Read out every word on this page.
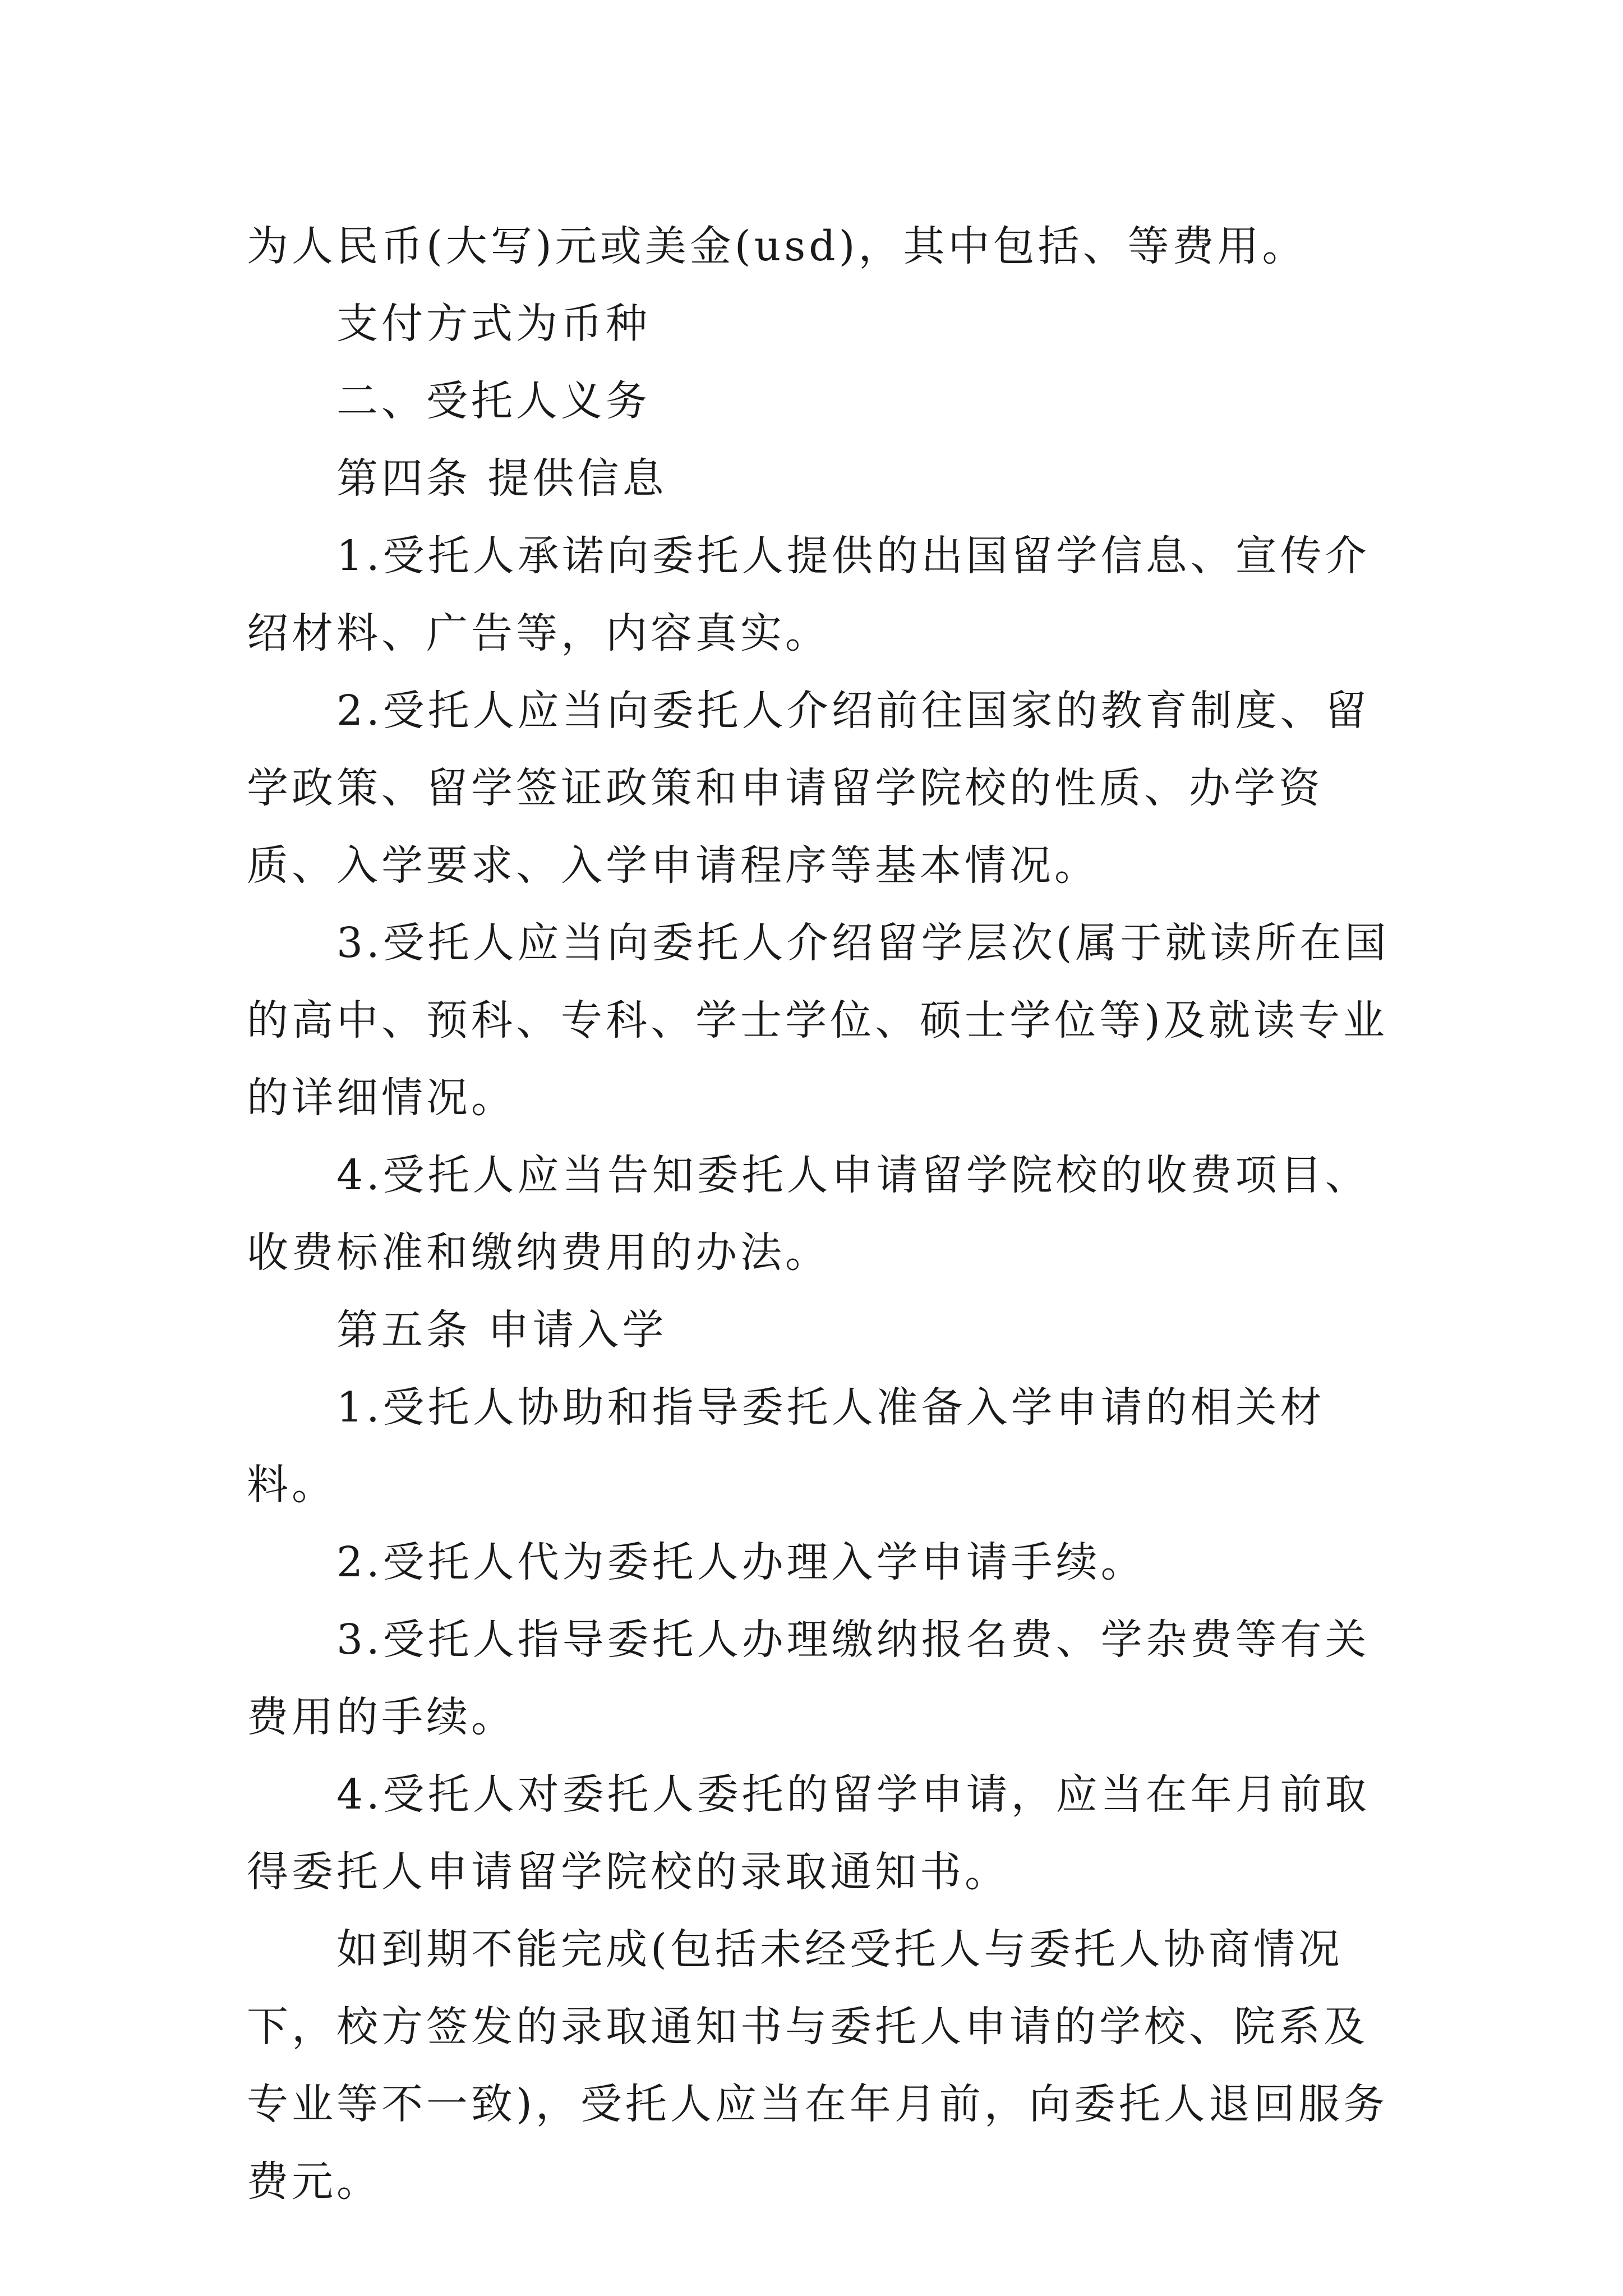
为人民币(大写)元或美金(usd)，其中包括、等费用。

支付方式为币种

二、受托人义务

第四条 提供信息

1.受托人承诺向委托人提供的出国留学信息、宣传介绍材料、广告等，内容真实。

2.受托人应当向委托人介绍前往国家的教育制度、留学政策、留学签证政策和申请留学院校的性质、办学资质、入学要求、入学申请程序等基本情况。

3.受托人应当向委托人介绍留学层次(属于就读所在国的高中、预科、专科、学士学位、硕士学位等)及就读专业的详细情况。

4.受托人应当告知委托人申请留学院校的收费项目、收费标准和缴纳费用的办法。

第五条 申请入学

1.受托人协助和指导委托人准备入学申请的相关材料。

2.受托人代为委托人办理入学申请手续。

3.受托人指导委托人办理缴纳报名费、学杂费等有关费用的手续。

4.受托人对委托人委托的留学申请，应当在年月前取得委托人申请留学院校的录取通知书。

如到期不能完成(包括未经受托人与委托人协商情况下，校方签发的录取通知书与委托人申请的学校、院系及专业等不一致)，受托人应当在年月前，向委托人退回服务费元。
